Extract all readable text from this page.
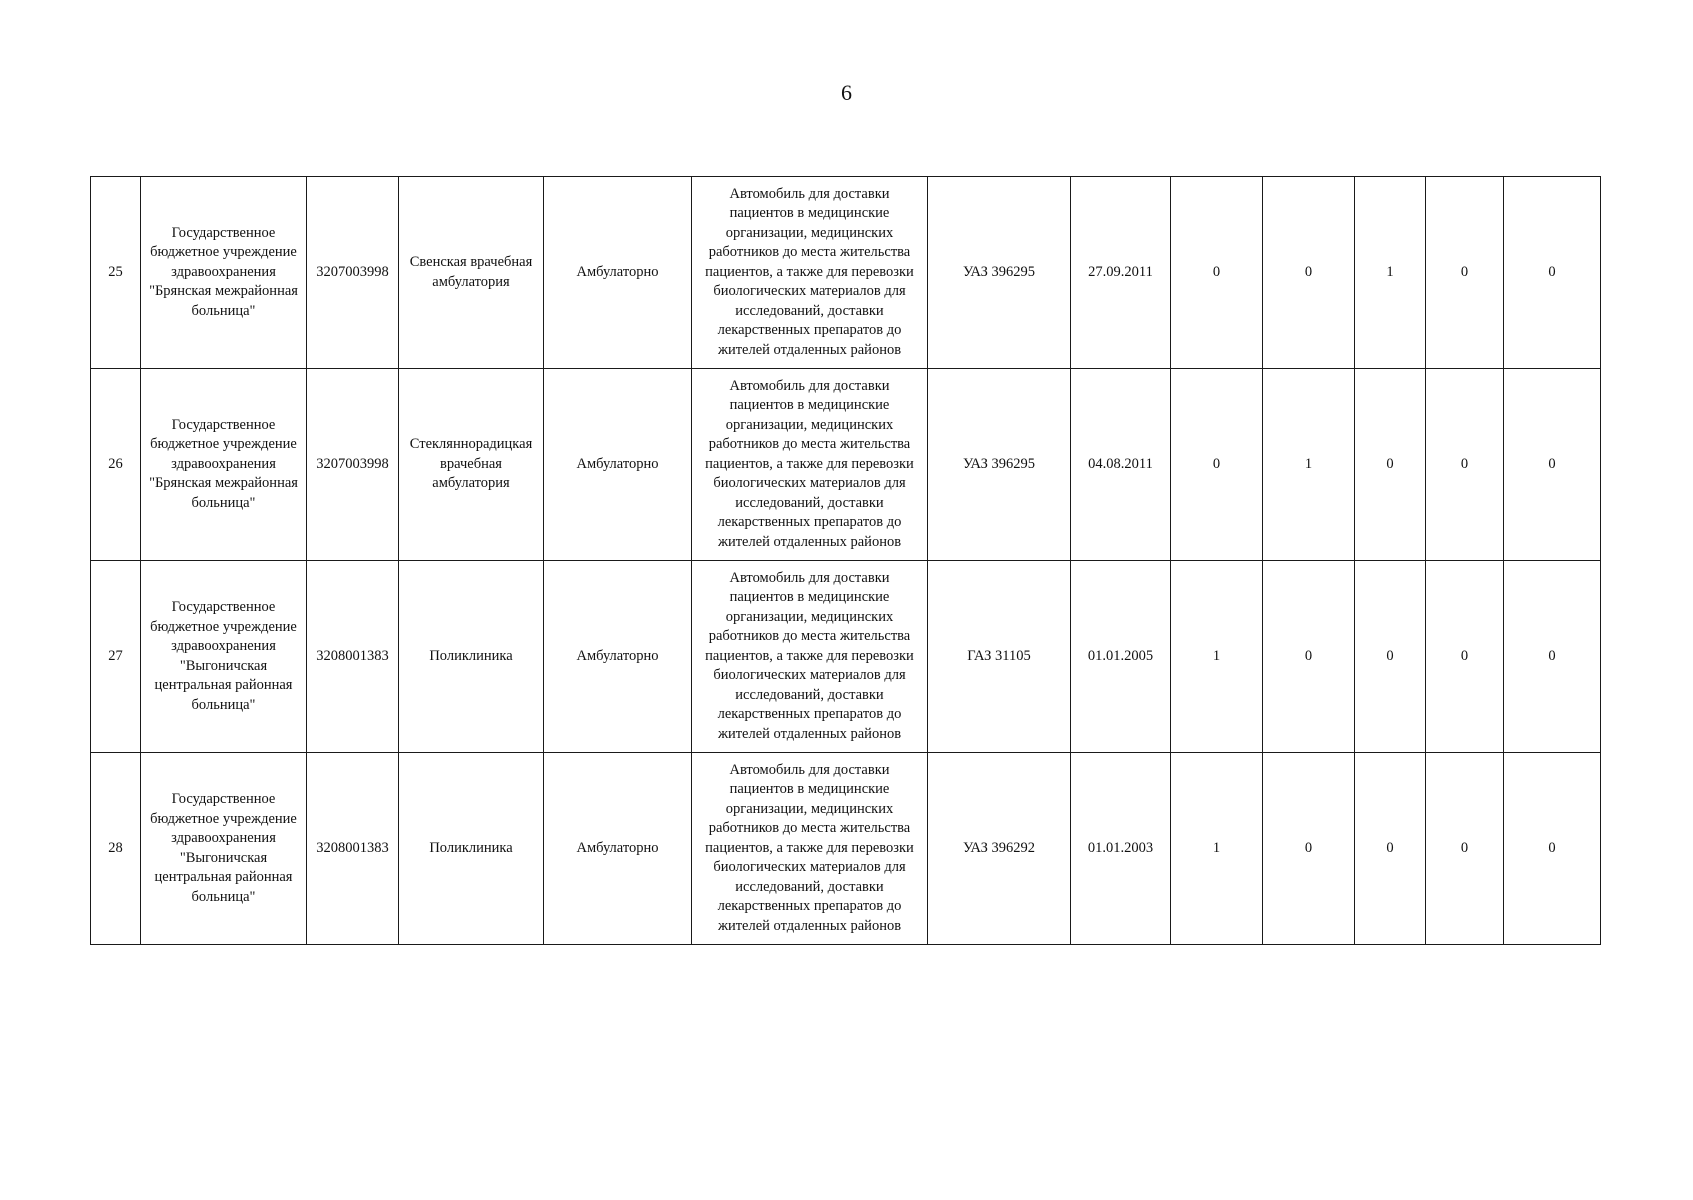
6
25	Государственное бюджетное учреждение здравоохранения "Брянская межрайонная больница"	3207003998	Свенская врачебная амбулатория	Амбулаторно	Автомобиль для доставки пациентов в медицинские организации, медицинских работников до места жительства пациентов, а также для перевозки биологических материалов для исследований, доставки лекарственных препаратов до жителей отдаленных районов	УАЗ 396295	27.09.2011	0	0	1	0	0
26	Государственное бюджетное учреждение здравоохранения "Брянская межрайонная больница"	3207003998	Стекляннорадицкая врачебная амбулатория	Амбулаторно	Автомобиль для доставки пациентов в медицинские организации, медицинских работников до места жительства пациентов, а также для перевозки биологических материалов для исследований, доставки лекарственных препаратов до жителей отдаленных районов	УАЗ 396295	04.08.2011	0	1	0	0	0
27	Государственное бюджетное учреждение здравоохранения "Выгоничская центральная районная больница"	3208001383	Поликлиника	Амбулаторно	Автомобиль для доставки пациентов в медицинские организации, медицинских работников до места жительства пациентов, а также для перевозки биологических материалов для исследований, доставки лекарственных препаратов до жителей отдаленных районов	ГАЗ 31105	01.01.2005	1	0	0	0	0
28	Государственное бюджетное учреждение здравоохранения "Выгоничская центральная районная больница"	3208001383	Поликлиника	Амбулаторно	Автомобиль для доставки пациентов в медицинские организации, медицинских работников до места жительства пациентов, а также для перевозки биологических материалов для исследований, доставки лекарственных препаратов до жителей отдаленных районов	УАЗ 396292	01.01.2003	1	0	0	0	0
